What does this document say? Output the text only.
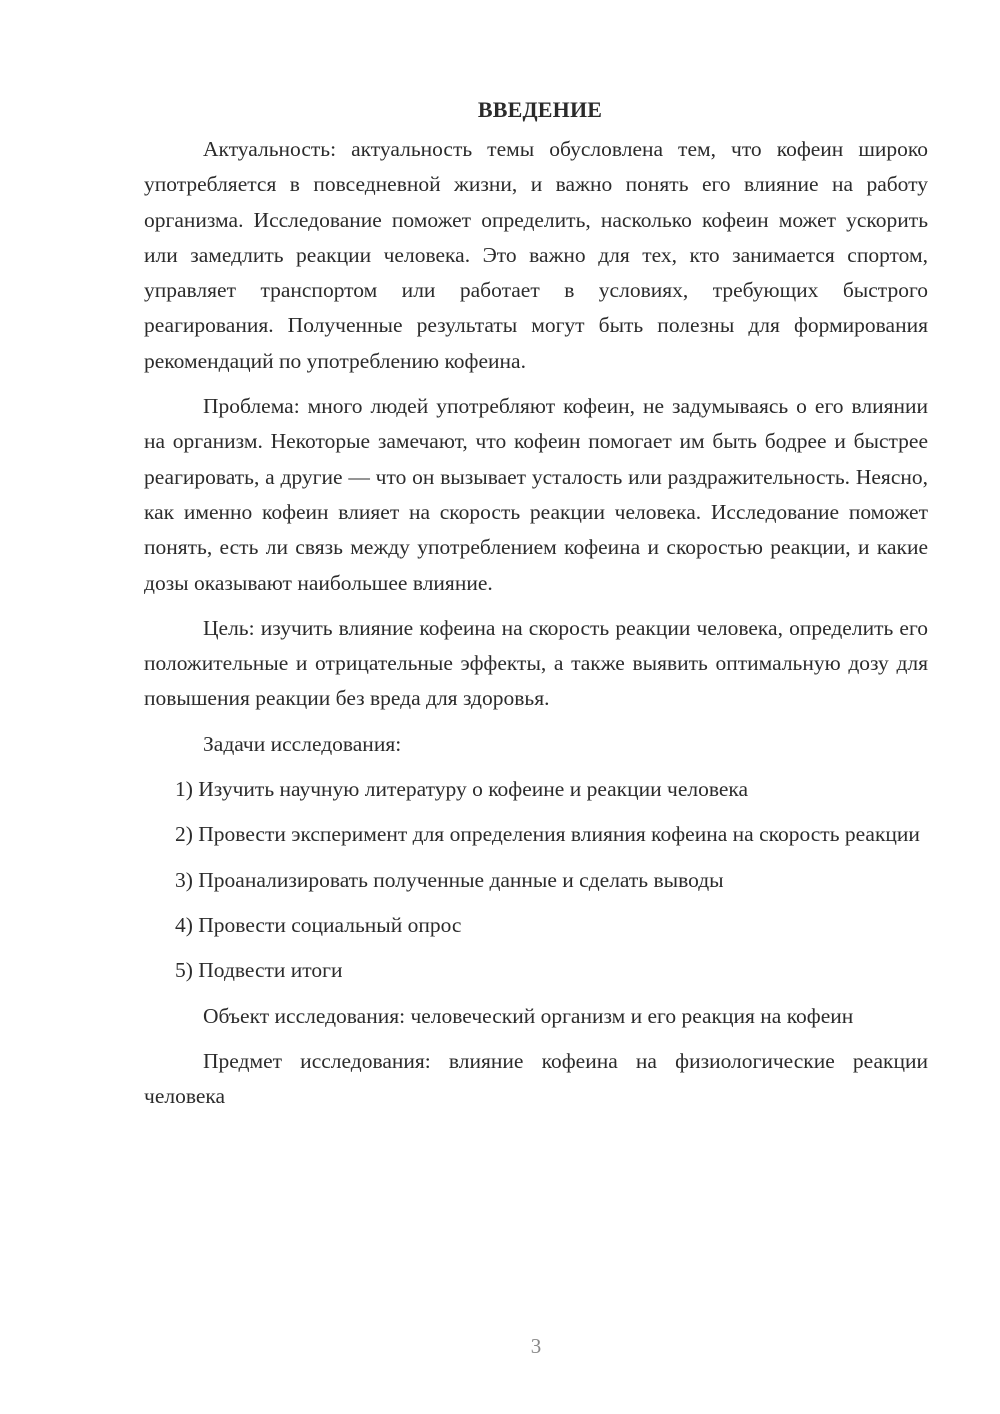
ВВЕДЕНИЕ

Актуальность: актуальность темы обусловлена тем, что кофеин широко употребляется в повседневной жизни, и важно понять его влияние на работу организма. Исследование поможет определить, насколько кофеин может ускорить или замедлить реакции человека. Это важно для тех, кто занимается спортом, управляет транспортом или работает в условиях, требующих быстрого реагирования. Полученные результаты могут быть полезны для формирования рекомендаций по употреблению кофеина.

Проблема: много людей употребляют кофеин, не задумываясь о его влиянии на организм. Некоторые замечают, что кофеин помогает им быть бодрее и быстрее реагировать, а другие — что он вызывает усталость или раздражительность. Неясно, как именно кофеин влияет на скорость реакции человека. Исследование поможет понять, есть ли связь между употреблением кофеина и скоростью реакции, и какие дозы оказывают наибольшее влияние.

Цель: изучить влияние кофеина на скорость реакции человека, определить его положительные и отрицательные эффекты, а также выявить оптимальную дозу для повышения реакции без вреда для здоровья.

Задачи исследования:

1) Изучить научную литературу о кофеине и реакции человека

2) Провести эксперимент для определения влияния кофеина на скорость реакции

3) Проанализировать полученные данные и сделать выводы

4) Провести социальный опрос

5) Подвести итоги

Объект исследования: человеческий организм и его реакция на кофеин

Предмет исследования: влияние кофеина на физиологические реакции человека

3
